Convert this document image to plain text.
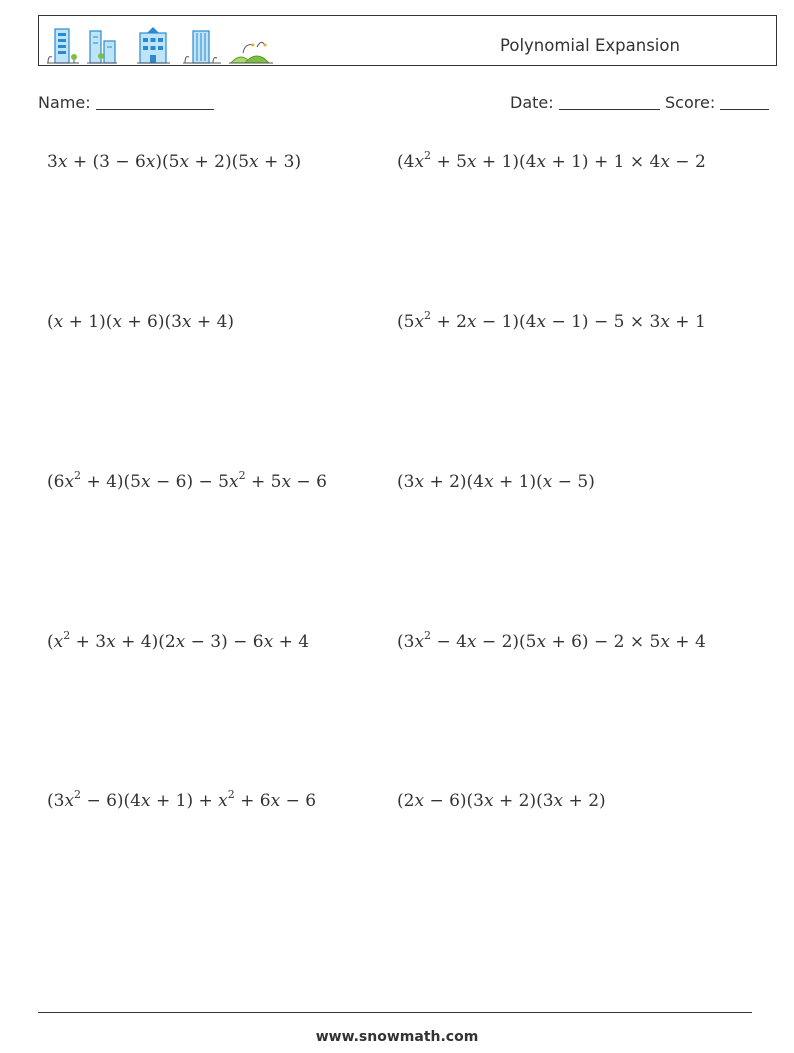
Polynomial Expansion
Name:	Date:	Score:
3x + (3 − 6x)(5x + 2)(5x + 3)	$(4x^2 + 5x + 1)(4x + 1) + 1 \times 4x - 2$
(x + 1)(x + 6)(3x + 4)	$(5x^2 + 2x - 1)(4x - 1) - 5 \times 3x + 1$
$(6x^2 + 4)(5x - 6) - 5x^2 + 5x - 6$	(3x + 2)(4x + 1)(x − 5)
$(x^2 + 3x + 4)(2x - 3) - 6x + 4$	$(3x^2 - 4x - 2)(5x + 6) - 2 \times 5x + 4$
$(3x^2 - 6)(4x + 1) + x^2 + 6x - 6$	(2x − 6)(3x + 2)(3x + 2)
www.snowmath.com
